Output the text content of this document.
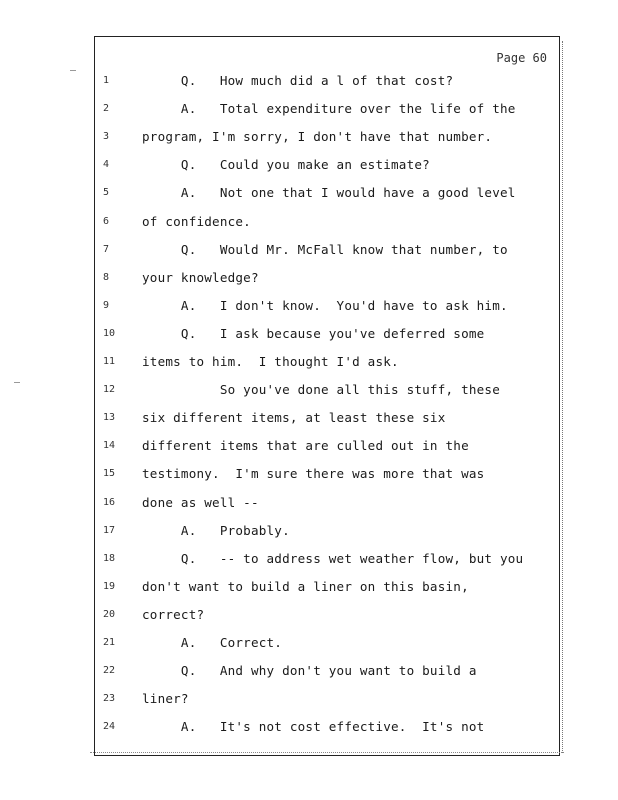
Page 60
1	Q.   How much did a l of that cost?
2	A.   Total expenditure over the life of the
3	program, I'm sorry, I don't have that number.
4	Q.   Could you make an estimate?
5	A.   Not one that I would have a good level
6	of confidence.
7	Q.   Would Mr. McFall know that number, to
8	your knowledge?
9	A.   I don't know.  You'd have to ask him.
10	Q.   I ask because you've deferred some
11	items to him.  I thought I'd ask.
12	So you've done all this stuff, these
13	six different items, at least these six
14	different items that are culled out in the
15	testimony.  I'm sure there was more that was
16	done as well --
17	A.   Probably.
18	Q.   -- to address wet weather flow, but you
19	don't want to build a liner on this basin,
20	correct?
21	A.   Correct.
22	Q.   And why don't you want to build a
23	liner?
24	A.   It's not cost effective.  It's not
